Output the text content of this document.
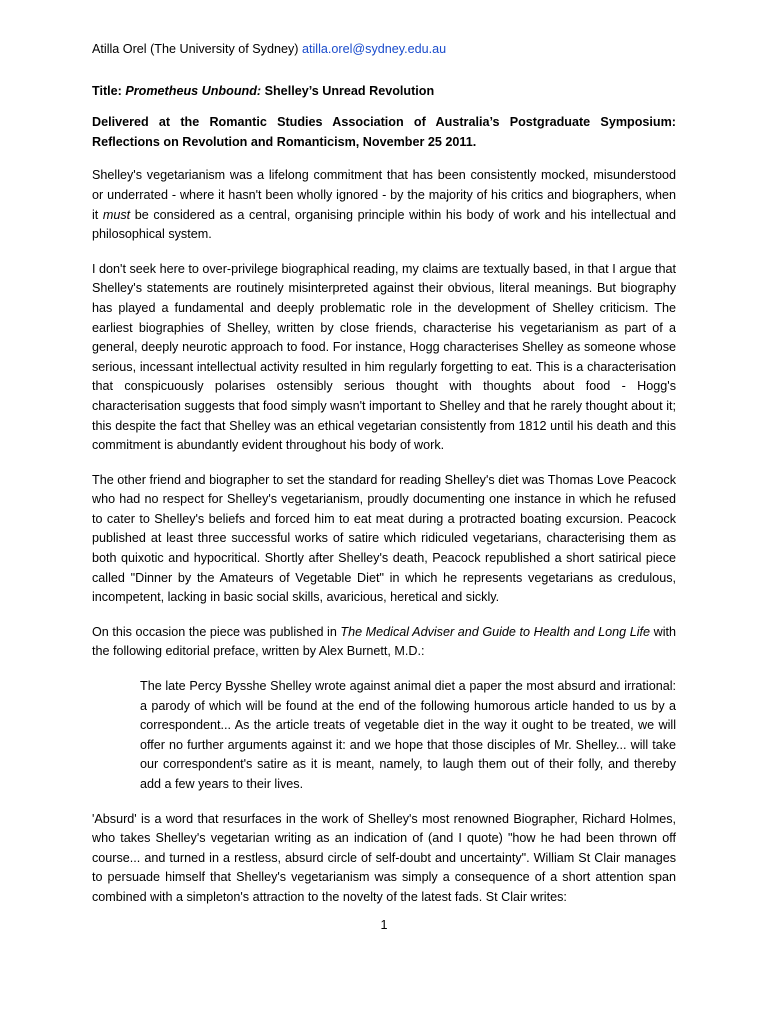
Atilla Orel (The University of Sydney) atilla.orel@sydney.edu.au

Title: Prometheus Unbound: Shelley’s Unread Revolution

Delivered at the Romantic Studies Association of Australia’s Postgraduate Symposium: Reflections on Revolution and Romanticism, November 25 2011.

Shelley's vegetarianism was a lifelong commitment that has been consistently mocked, misunderstood or underrated - where it hasn't been wholly ignored - by the majority of his critics and biographers, when it must be considered as a central, organising principle within his body of work and his intellectual and philosophical system.

I don't seek here to over-privilege biographical reading, my claims are textually based, in that I argue that Shelley's statements are routinely misinterpreted against their obvious, literal meanings. But biography has played a fundamental and deeply problematic role in the development of Shelley criticism. The earliest biographies of Shelley, written by close friends, characterise his vegetarianism as part of a general, deeply neurotic approach to food. For instance, Hogg characterises Shelley as someone whose serious, incessant intellectual activity resulted in him regularly forgetting to eat. This is a characterisation that conspicuously polarises ostensibly serious thought with thoughts about food - Hogg's characterisation suggests that food simply wasn't important to Shelley and that he rarely thought about it; this despite the fact that Shelley was an ethical vegetarian consistently from 1812 until his death and this commitment is abundantly evident throughout his body of work.

The other friend and biographer to set the standard for reading Shelley's diet was Thomas Love Peacock who had no respect for Shelley's vegetarianism, proudly documenting one instance in which he refused to cater to Shelley's beliefs and forced him to eat meat during a protracted boating excursion. Peacock published at least three successful works of satire which ridiculed vegetarians, characterising them as both quixotic and hypocritical. Shortly after Shelley's death, Peacock republished a short satirical piece called "Dinner by the Amateurs of Vegetable Diet" in which he represents vegetarians as credulous, incompetent, lacking in basic social skills, avaricious, heretical and sickly.

On this occasion the piece was published in The Medical Adviser and Guide to Health and Long Life with the following editorial preface, written by Alex Burnett, M.D.:

The late Percy Bysshe Shelley wrote against animal diet a paper the most absurd and irrational: a parody of which will be found at the end of the following humorous article handed to us by a correspondent... As the article treats of vegetable diet in the way it ought to be treated, we will offer no further arguments against it: and we hope that those disciples of Mr. Shelley... will take our correspondent's satire as it is meant, namely, to laugh them out of their folly, and thereby add a few years to their lives.

'Absurd' is a word that resurfaces in the work of Shelley's most renowned Biographer, Richard Holmes, who takes Shelley's vegetarian writing as an indication of (and I quote) "how he had been thrown off course... and turned in a restless, absurd circle of self-doubt and uncertainty". William St Clair manages to persuade himself that Shelley's vegetarianism was simply a consequence of a short attention span combined with a simpleton's attraction to the novelty of the latest fads. St Clair writes:

1
